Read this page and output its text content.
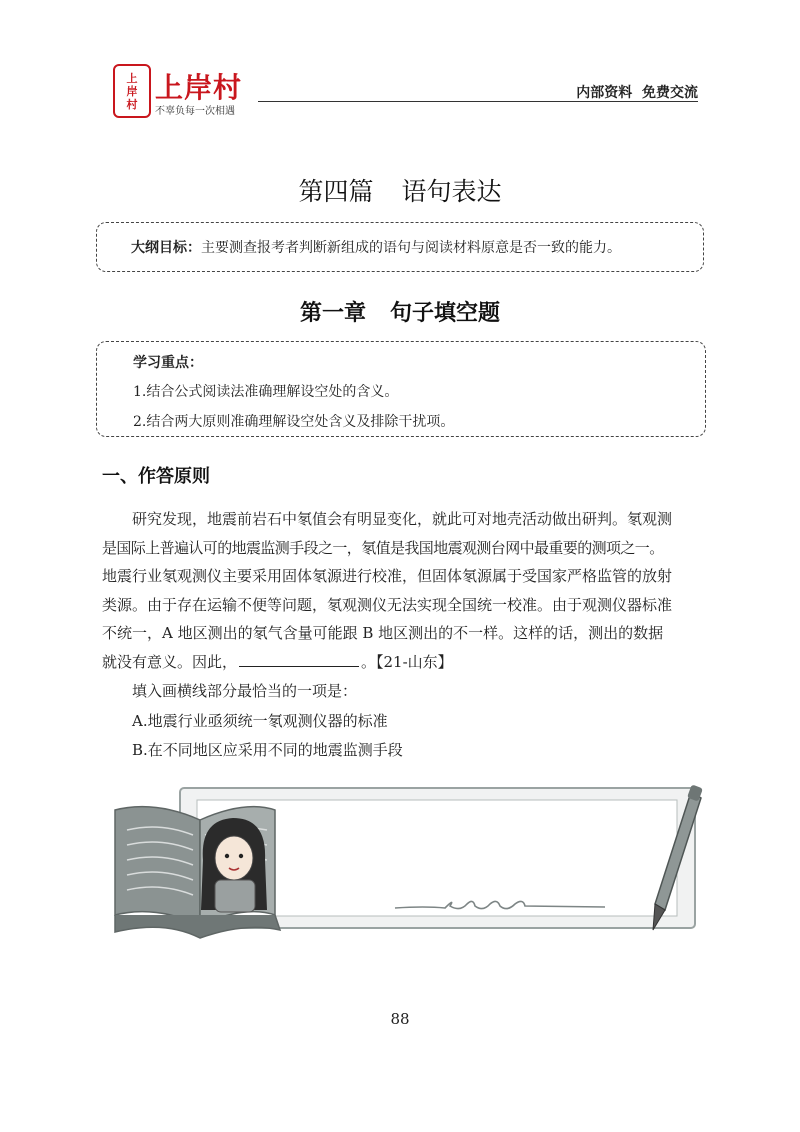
上
岸
村 上岸村
不辜负每一次相遇
内部资料  免费交流
第四篇 语句表达
大纲目标： 主要测查报考者判断新组成的语句与阅读材料原意是否一致的能力。
第一章 句子填空题
学习重点：
1.结合公式阅读法准确理解设空处的含义。
2.结合两大原则准确理解设空处含义及排除干扰项。
一、作答原则
研究发现，地震前岩石中氡值会有明显变化，就此可对地壳活动做出研判。氡观测
是国际上普遍认可的地震监测手段之一，氡值是我国地震观测台网中最重要的测项之一。
地震行业氡观测仪主要采用固体氡源进行校准，但固体氡源属于受国家严格监管的放射
类源。由于存在运输不便等问题，氡观测仪无法实现全国统一校准。由于观测仪器标准
不统一，A 地区测出的氡气含量可能跟 B 地区测出的不一样。这样的话，测出的数据
就没有意义。因此，	。【21-山东】
填入画横线部分最恰当的一项是：
A.地震行业亟须统一氡观测仪器的标准
B.在不同地区应采用不同的地震监测手段
88
